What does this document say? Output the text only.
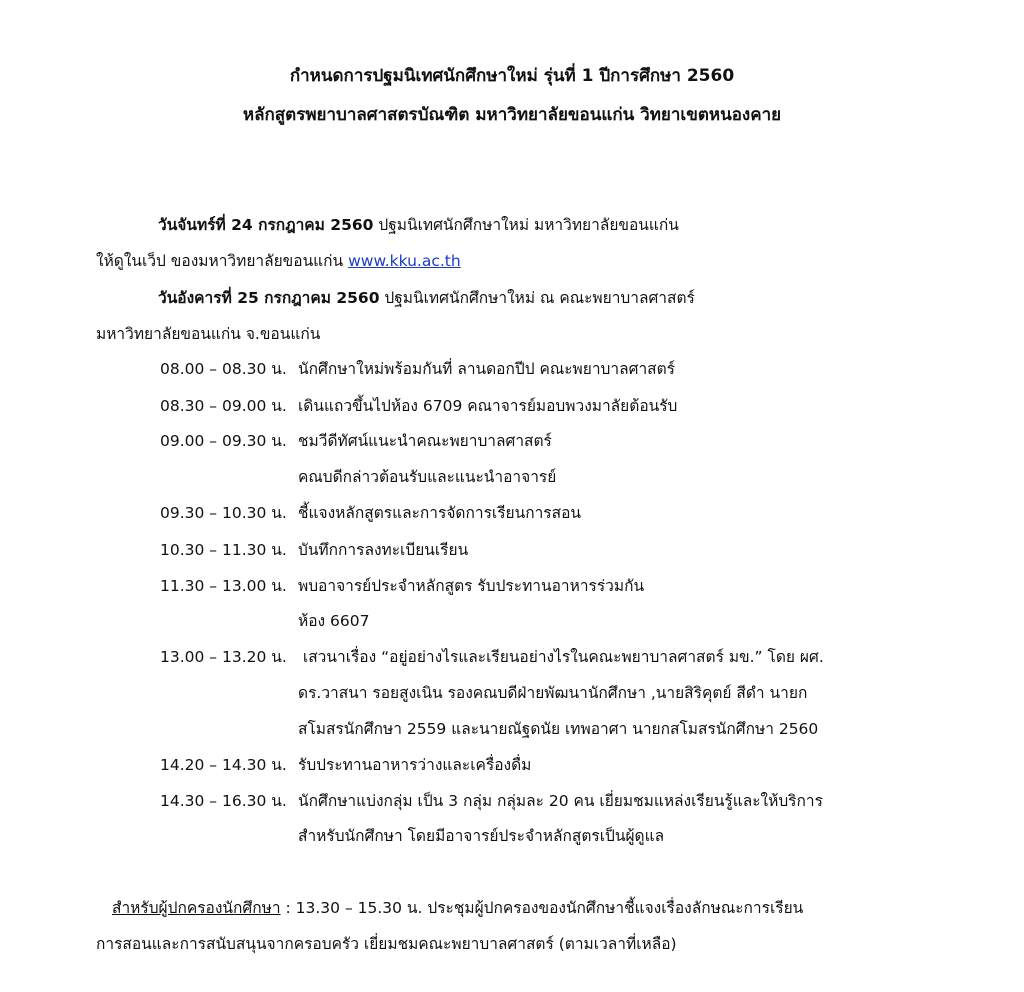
กำหนดการปฐมนิเทศนักศึกษาใหม่ รุ่นที่ 1 ปีการศึกษา 2560
หลักสูตรพยาบาลศาสตรบัณฑิต มหาวิทยาลัยขอนแก่น วิทยาเขตหนองคาย
วันจันทร์ที่ 24 กรกฎาคม 2560 ปฐมนิเทศนักศึกษาใหม่ มหาวิทยาลัยขอนแก่น
ให้ดูในเว็ป ของมหาวิทยาลัยขอนแก่น www.kku.ac.th
วันอังคารที่ 25 กรกฎาคม 2560 ปฐมนิเทศนักศึกษาใหม่ ณ คณะพยาบาลศาสตร์
มหาวิทยาลัยขอนแก่น จ.ขอนแก่น
08.00 – 08.30 น. นักศึกษาใหม่พร้อมกันที่ ลานดอกปีป คณะพยาบาลศาสตร์
08.30 – 09.00 น. เดินแถวขึ้นไปห้อง 6709 คณาจารย์มอบพวงมาลัยต้อนรับ
09.00 – 09.30 น. ชมวีดีทัศน์แนะนำคณะพยาบาลศาสตร์
คณบดีกล่าวต้อนรับและแนะนำอาจารย์
09.30 – 10.30 น. ชี้แจงหลักสูตรและการจัดการเรียนการสอน
10.30 – 11.30 น. บันทึกการลงทะเบียนเรียน
11.30 – 13.00 น. พบอาจารย์ประจำหลักสูตร รับประทานอาหารร่วมกัน
ห้อง 6607
13.00 – 13.20 น. เสวนาเรื่อง “อยู่อย่างไรและเรียนอย่างไรในคณะพยาบาลศาสตร์ มข.” โดย ผศ.
ดร.วาสนา รอยสูงเนิน รองคณบดีฝ่ายพัฒนานักศึกษา ,นายสิริคุตย์ สีดำ นายก
สโมสรนักศึกษา 2559 และนายณัฐดนัย เทพอาศา นายกสโมสรนักศึกษา 2560
14.20 – 14.30 น. รับประทานอาหารว่างและเครื่องดื่ม
14.30 – 16.30 น. นักศึกษาแบ่งกลุ่ม เป็น 3 กลุ่ม กลุ่มละ 20 คน เยี่ยมชมแหล่งเรียนรู้และให้บริการ
สำหรับนักศึกษา โดยมีอาจารย์ประจำหลักสูตรเป็นผู้ดูแล
สำหรับผู้ปกครองนักศึกษา : 13.30 – 15.30 น. ประชุมผู้ปกครองของนักศึกษาชี้แจงเรื่องลักษณะการเรียน
การสอนและการสนับสนุนจากครอบครัว เยี่ยมชมคณะพยาบาลศาสตร์ (ตามเวลาที่เหลือ)
